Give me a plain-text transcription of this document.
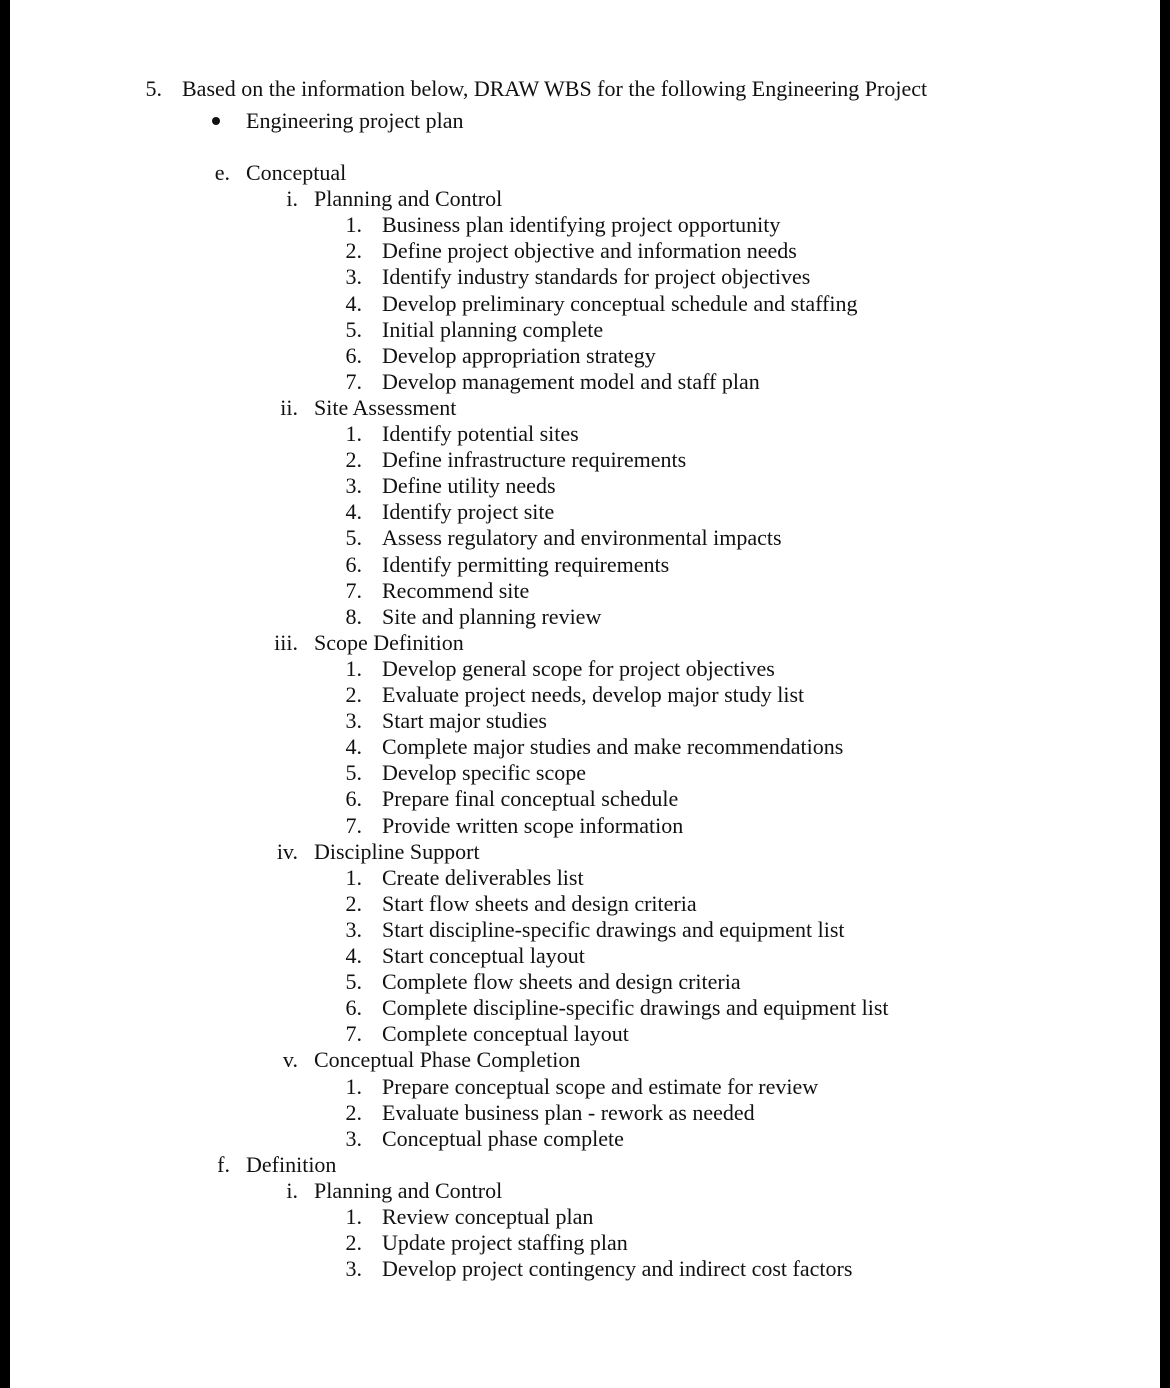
5. Based on the information below, DRAW WBS for the following Engineering Project
Engineering project plan
e. Conceptual
i. Planning and Control
Business plan identifying project opportunity
1.
Define project objective and information needs
2.
Identify industry standards for project objectives
3.
Develop preliminary conceptual schedule and staffing
4.
Initial planning complete
5.
Develop appropriation strategy
6.
Develop management model and staff plan
7.
ii. Site Assessment
Identify potential sites
1.
Define infrastructure requirements
2.
Define utility needs
3.
Identify project site
4.
Assess regulatory and environmental impacts
5.
Identify permitting requirements
6.
Recommend site
7.
Site and planning review
8.
iii. Scope Definition
Develop general scope for project objectives
1.
Evaluate project needs, develop major study list
2.
Start major studies
3.
Complete major studies and make recommendations
4.
Develop specific scope
5.
Prepare final conceptual schedule
6.
Provide written scope information
7.
iv. Discipline Support
Create deliverables list
1.
Start flow sheets and design criteria
2.
Start discipline-specific drawings and equipment list
3.
Start conceptual layout
4.
Complete flow sheets and design criteria
5.
Complete discipline-specific drawings and equipment list
6.
Complete conceptual layout
7.
v. Conceptual Phase Completion
Prepare conceptual scope and estimate for review
1.
Evaluate business plan - rework as needed
2.
Conceptual phase complete
3.
f. Definition
i. Planning and Control
Review conceptual plan
1.
Update project staffing plan
2.
Develop project contingency and indirect cost factors
3.
